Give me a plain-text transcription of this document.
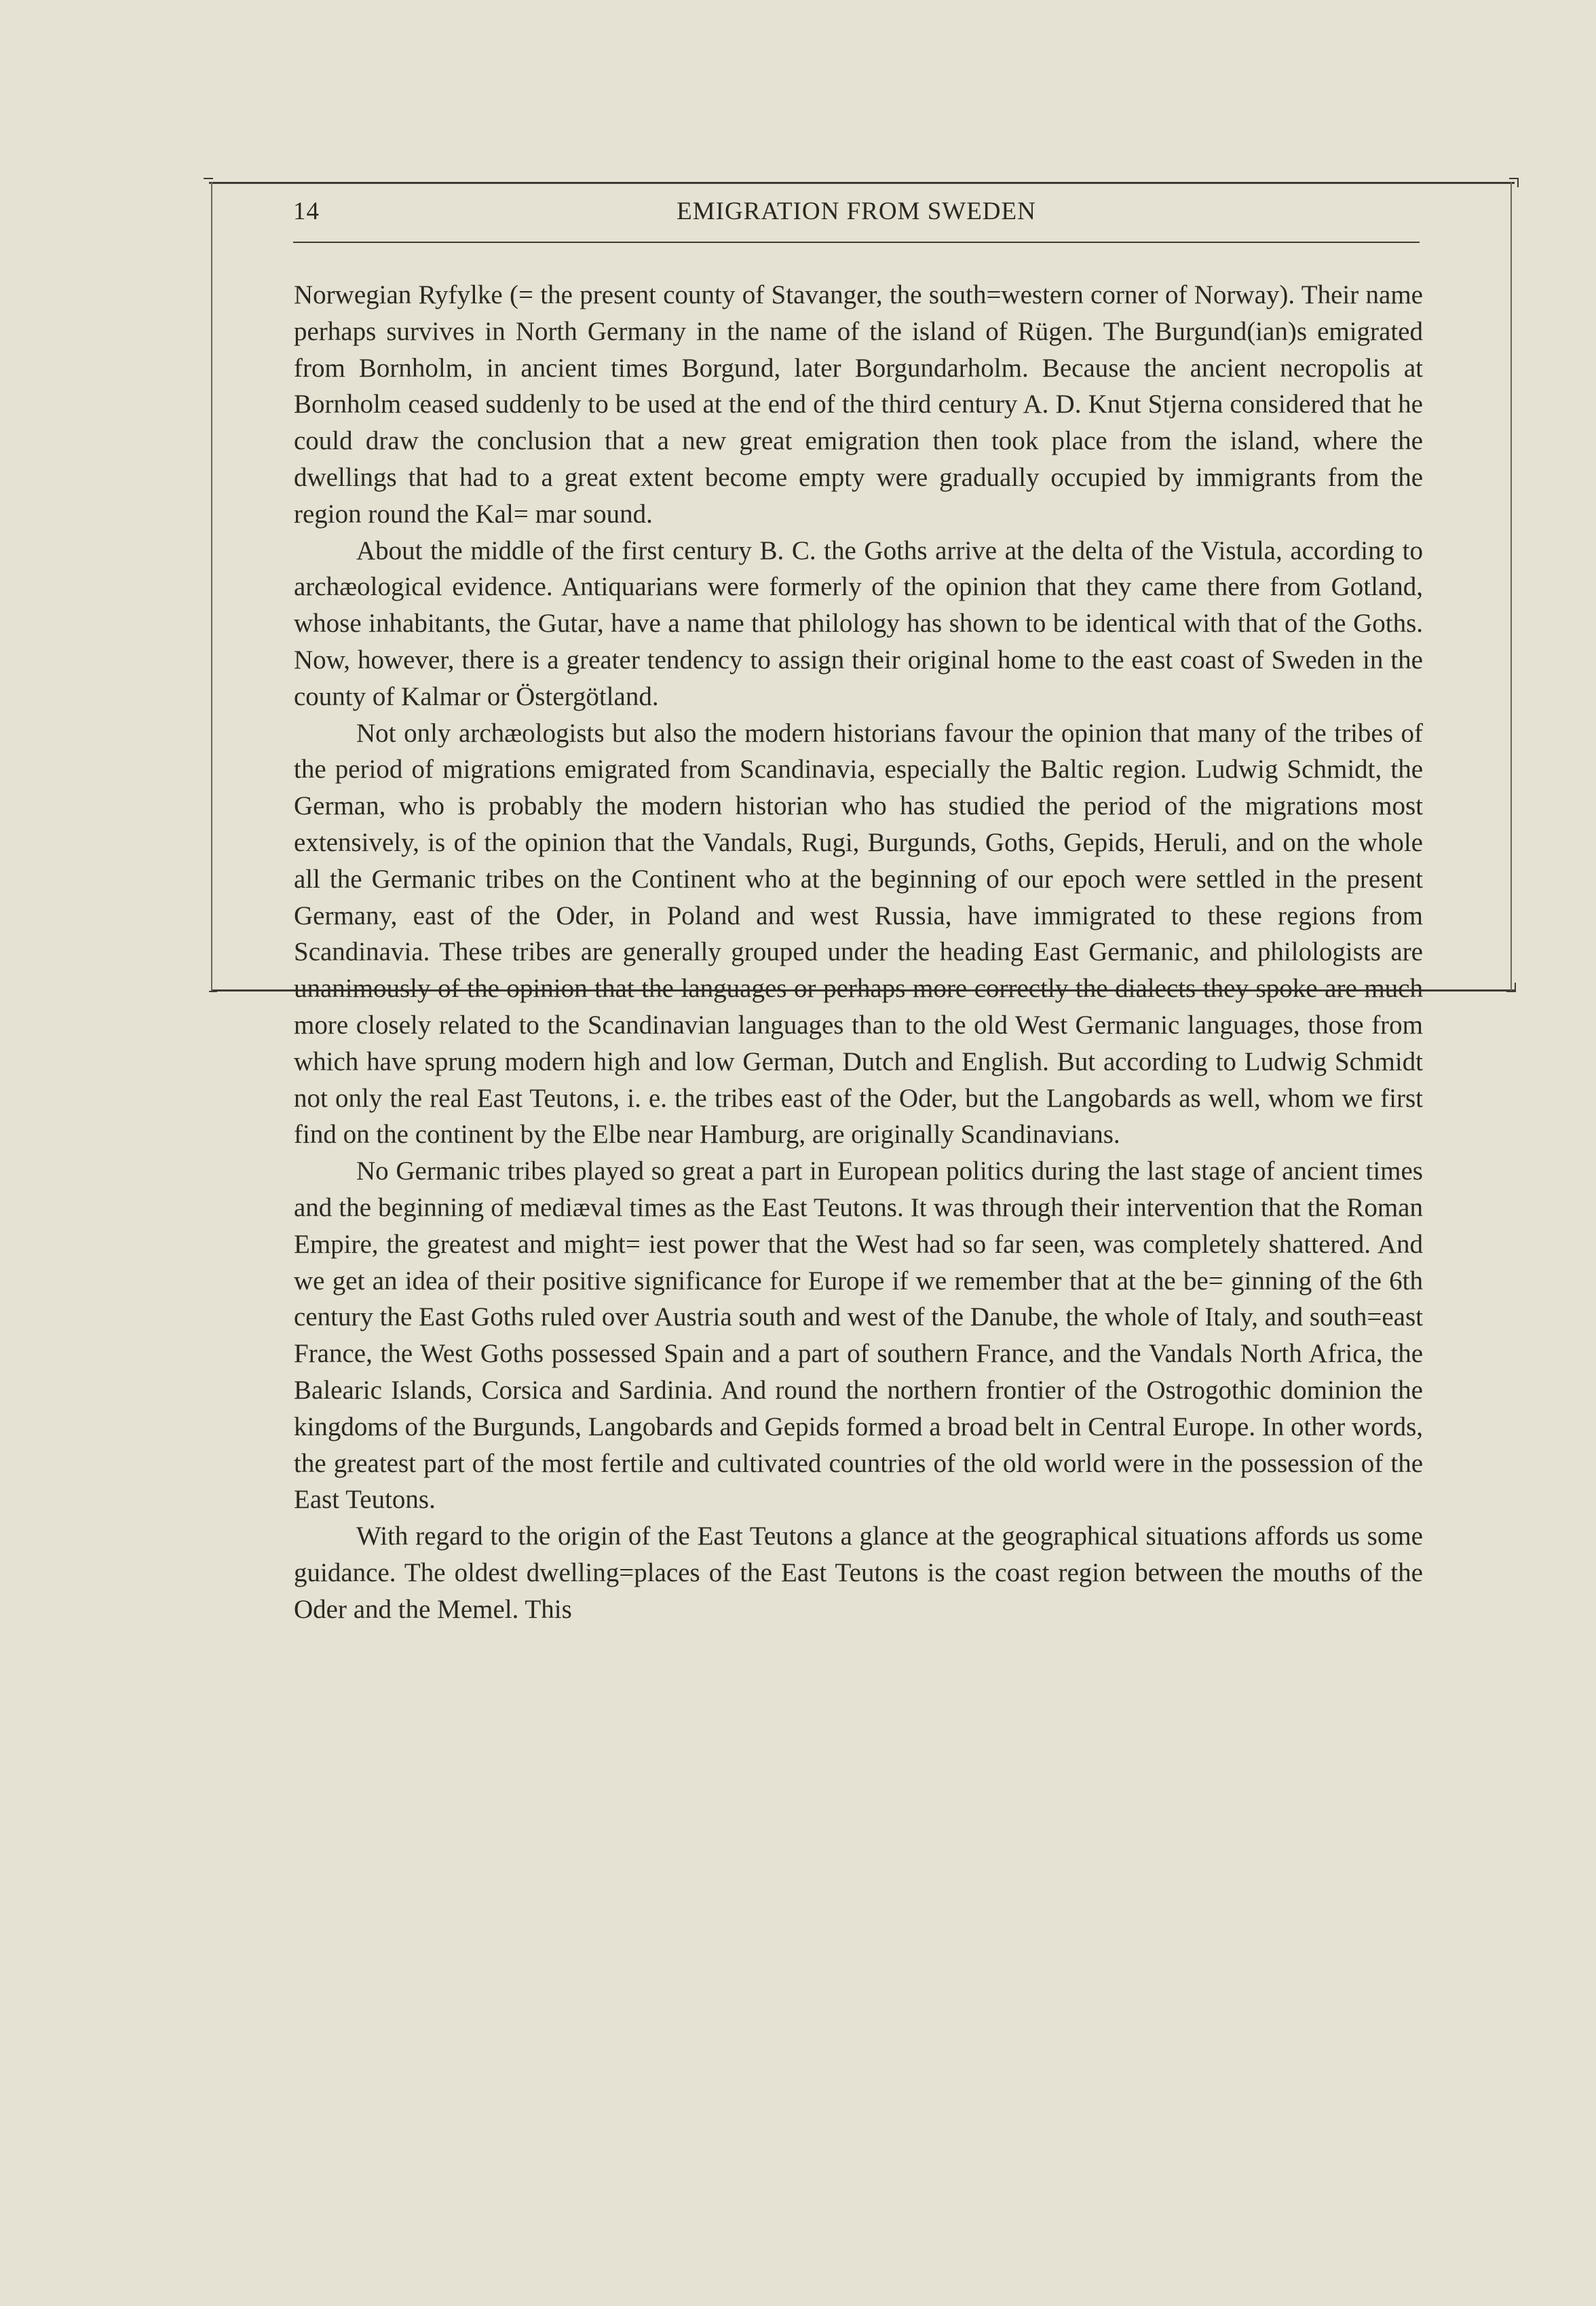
14	EMIGRATION FROM SWEDEN

Norwegian Ryfylke (= the present county of Stavanger, the south=western corner of Norway). Their name perhaps survives in North Germany in the name of the island of Rügen. The Burgund(ian)s emigrated from Bornholm, in ancient times Borgund, later Borgundarholm. Because the ancient necropolis at Bornholm ceased suddenly to be used at the end of the third century A. D. Knut Stjerna considered that he could draw the conclusion that a new great emigration then took place from the island, where the dwellings that had to a great extent become empty were gradually occupied by immigrants from the region round the Kal= mar sound.

About the middle of the first century B. C. the Goths arrive at the delta of the Vistula, according to archæological evidence. Antiquarians were formerly of the opinion that they came there from Gotland, whose inhabitants, the Gutar, have a name that philology has shown to be identical with that of the Goths. Now, however, there is a greater tendency to assign their original home to the east coast of Sweden in the county of Kalmar or Östergötland.

Not only archæologists but also the modern historians favour the opinion that many of the tribes of the period of migrations emigrated from Scandinavia, especially the Baltic region. Ludwig Schmidt, the German, who is probably the modern historian who has studied the period of the migrations most extensively, is of the opinion that the Vandals, Rugi, Burgunds, Goths, Gepids, Heruli, and on the whole all the Germanic tribes on the Continent who at the beginning of our epoch were settled in the present Germany, east of the Oder, in Poland and west Russia, have immigrated to these regions from Scandinavia. These tribes are generally grouped under the heading East Germanic, and philologists are unanimously of the opinion that the languages or perhaps more correctly the dialects they spoke are much more closely related to the Scandinavian languages than to the old West Germanic languages, those from which have sprung modern high and low German, Dutch and English. But according to Ludwig Schmidt not only the real East Teutons, i. e. the tribes east of the Oder, but the Langobards as well, whom we first find on the continent by the Elbe near Hamburg, are originally Scandinavians.

No Germanic tribes played so great a part in European politics during the last stage of ancient times and the beginning of mediæval times as the East Teutons. It was through their intervention that the Roman Empire, the greatest and might= iest power that the West had so far seen, was completely shattered. And we get an idea of their positive significance for Europe if we remember that at the be= ginning of the 6th century the East Goths ruled over Austria south and west of the Danube, the whole of Italy, and south=east France, the West Goths possessed Spain and a part of southern France, and the Vandals North Africa, the Balearic Islands, Corsica and Sardinia. And round the northern frontier of the Ostrogothic dominion the kingdoms of the Burgunds, Langobards and Gepids formed a broad belt in Central Europe. In other words, the greatest part of the most fertile and cultivated countries of the old world were in the possession of the East Teutons.

With regard to the origin of the East Teutons a glance at the geographical situations affords us some guidance. The oldest dwelling=places of the East Teutons is the coast region between the mouths of the Oder and the Memel. This
